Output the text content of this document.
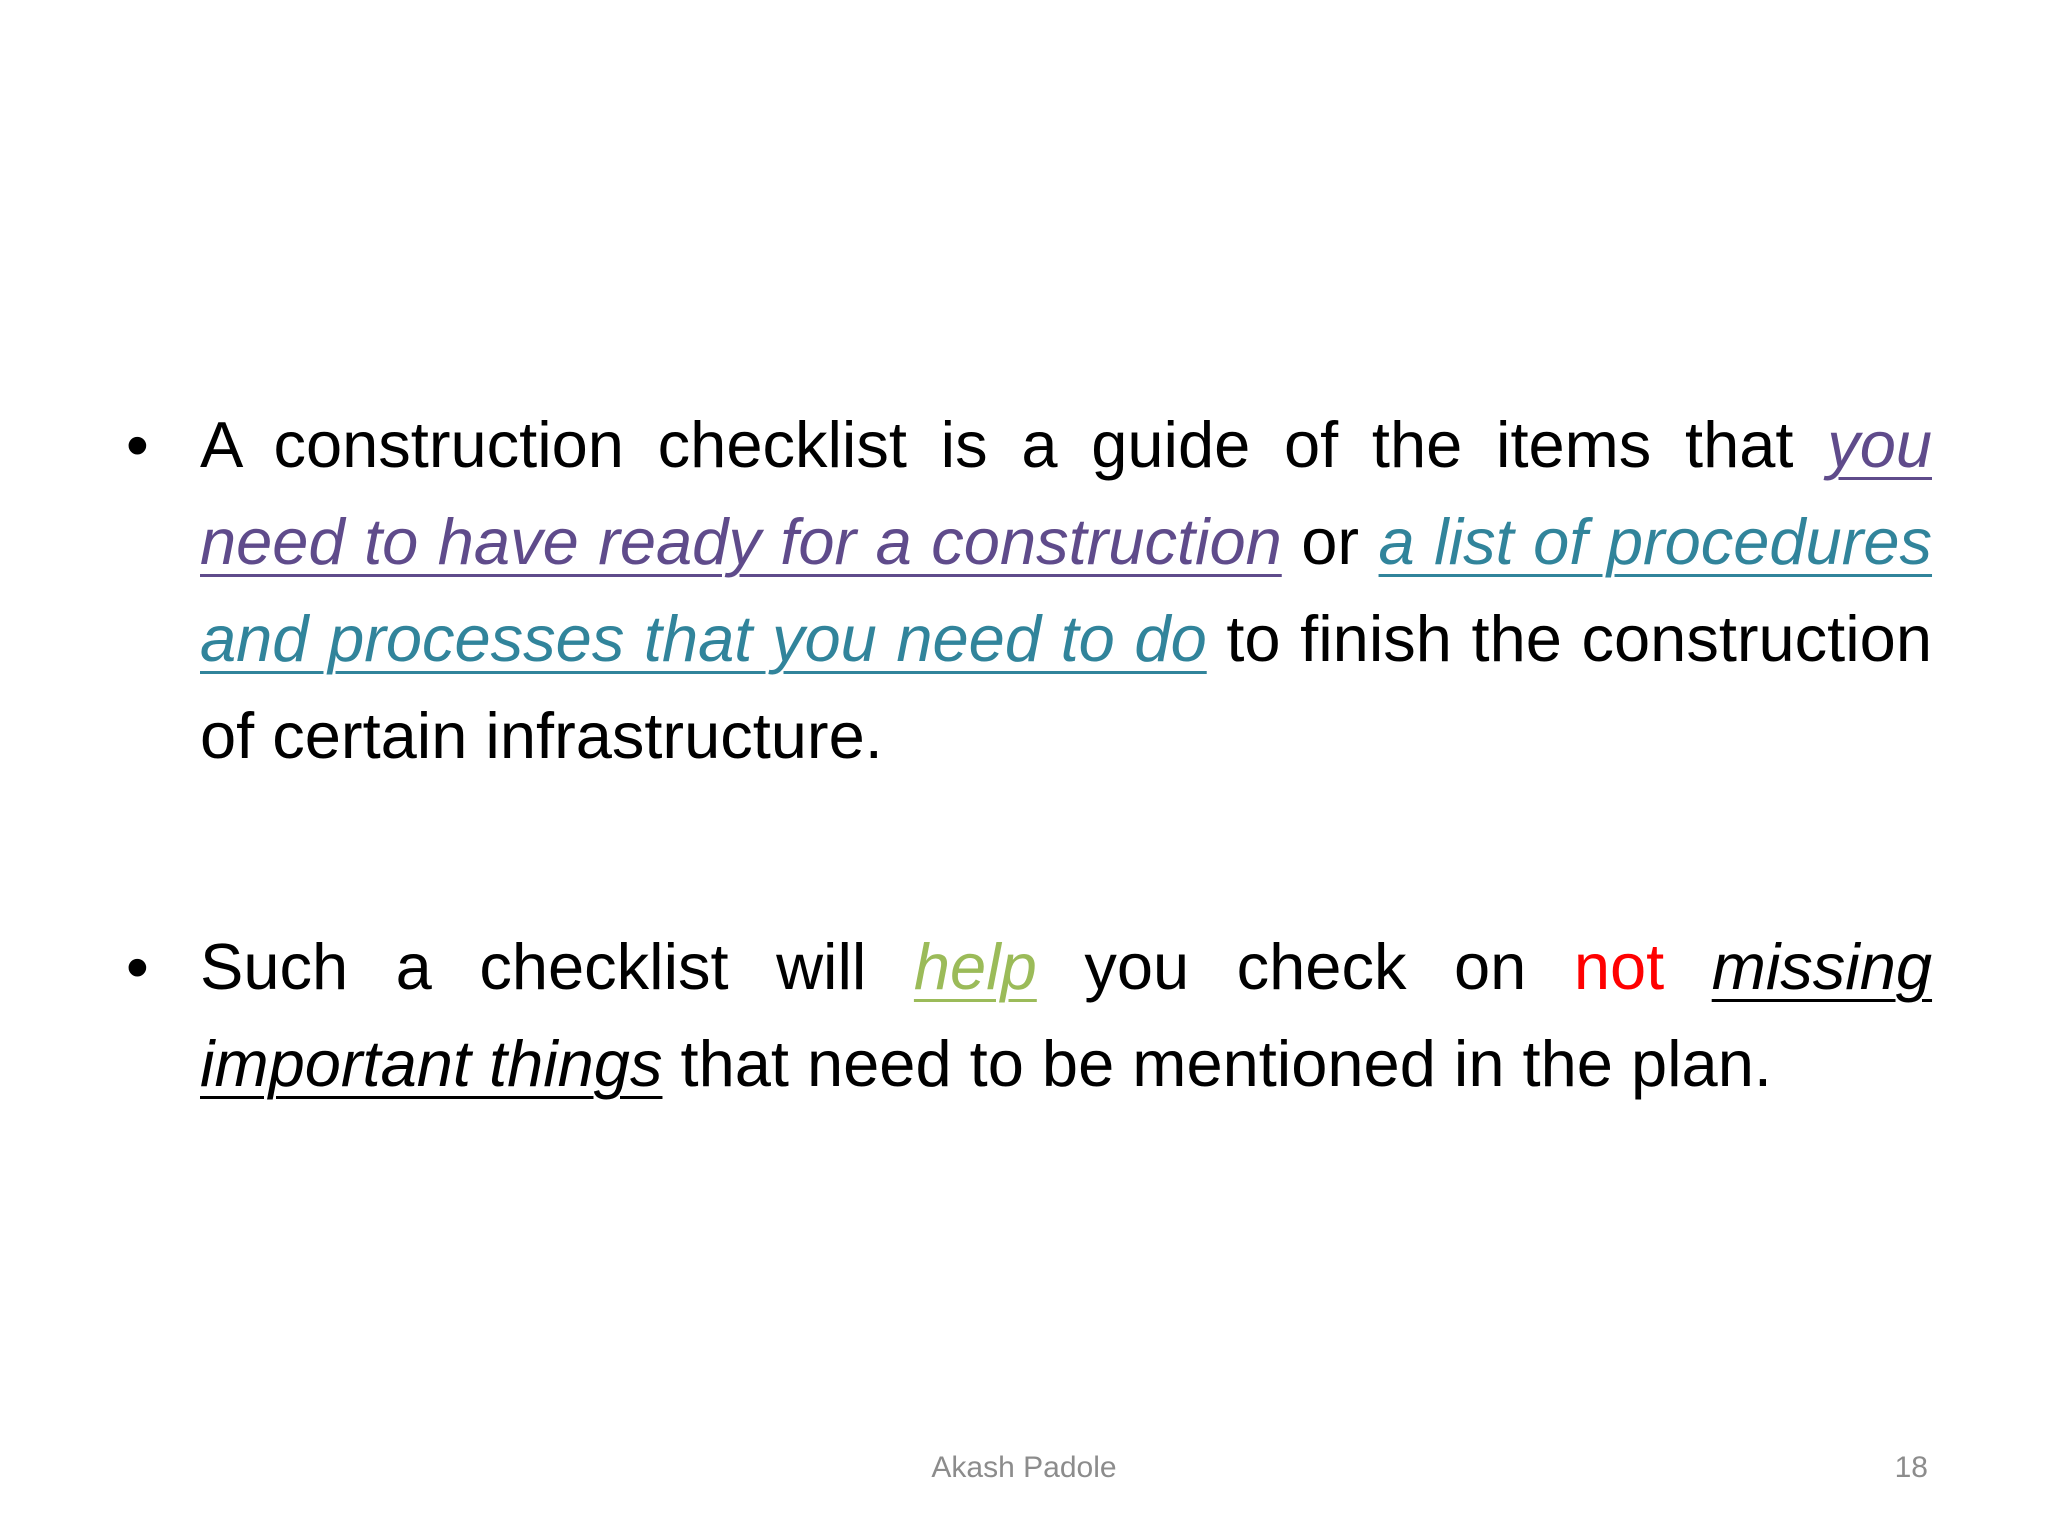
• A construction checklist is a guide of the items that you need to have ready for a construction or a list of procedures and processes that you need to do to finish the construction of certain infrastructure.
• Such a checklist will help you check on not missing important things that need to be mentioned in the plan.
Akash Padole	18
